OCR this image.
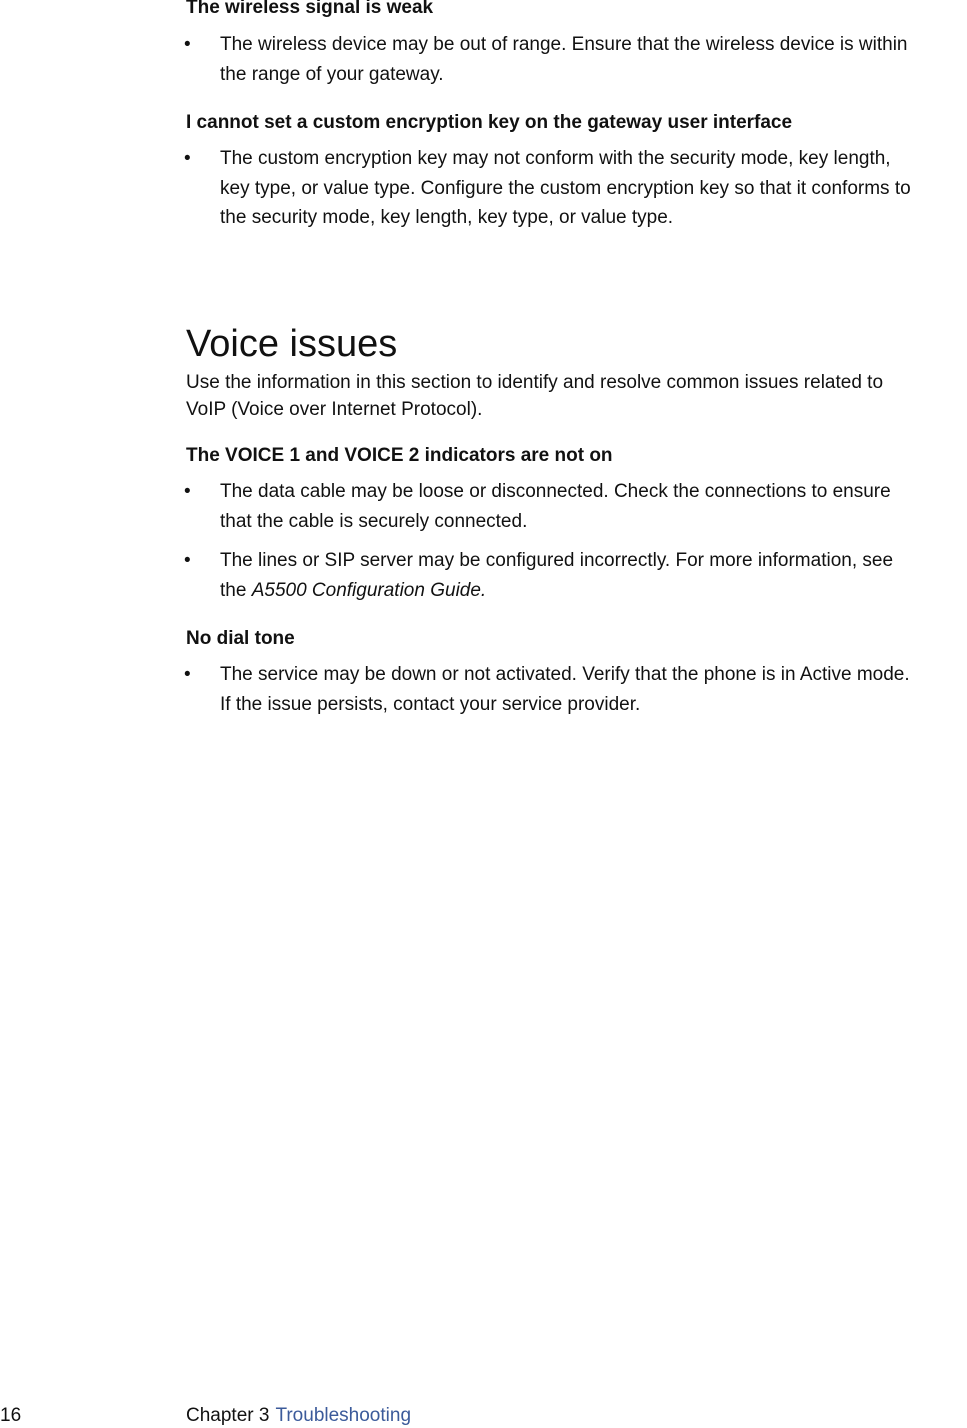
The wireless signal is weak
• The wireless device may be out of range. Ensure that the wireless device is within
the range of your gateway.
I cannot set a custom encryption key on the gateway user interface
• The custom encryption key may not conform with the security mode, key length,
key type, or value type. Configure the custom encryption key so that it conforms to
the security mode, key length, key type, or value type.
Voice issues
Use the information in this section to identify and resolve common issues related to
VoIP (Voice over Internet Protocol).
The VOICE 1 and VOICE 2 indicators are not on
• The data cable may be loose or disconnected. Check the connections to ensure
that the cable is securely connected.
• The lines or SIP server may be configured incorrectly. For more information, see
the A5500 Configuration Guide.
No dial tone
• The service may be down or not activated. Verify that the phone is in Active mode.
If the issue persists, contact your service provider.
16	Chapter 3 Troubleshooting
